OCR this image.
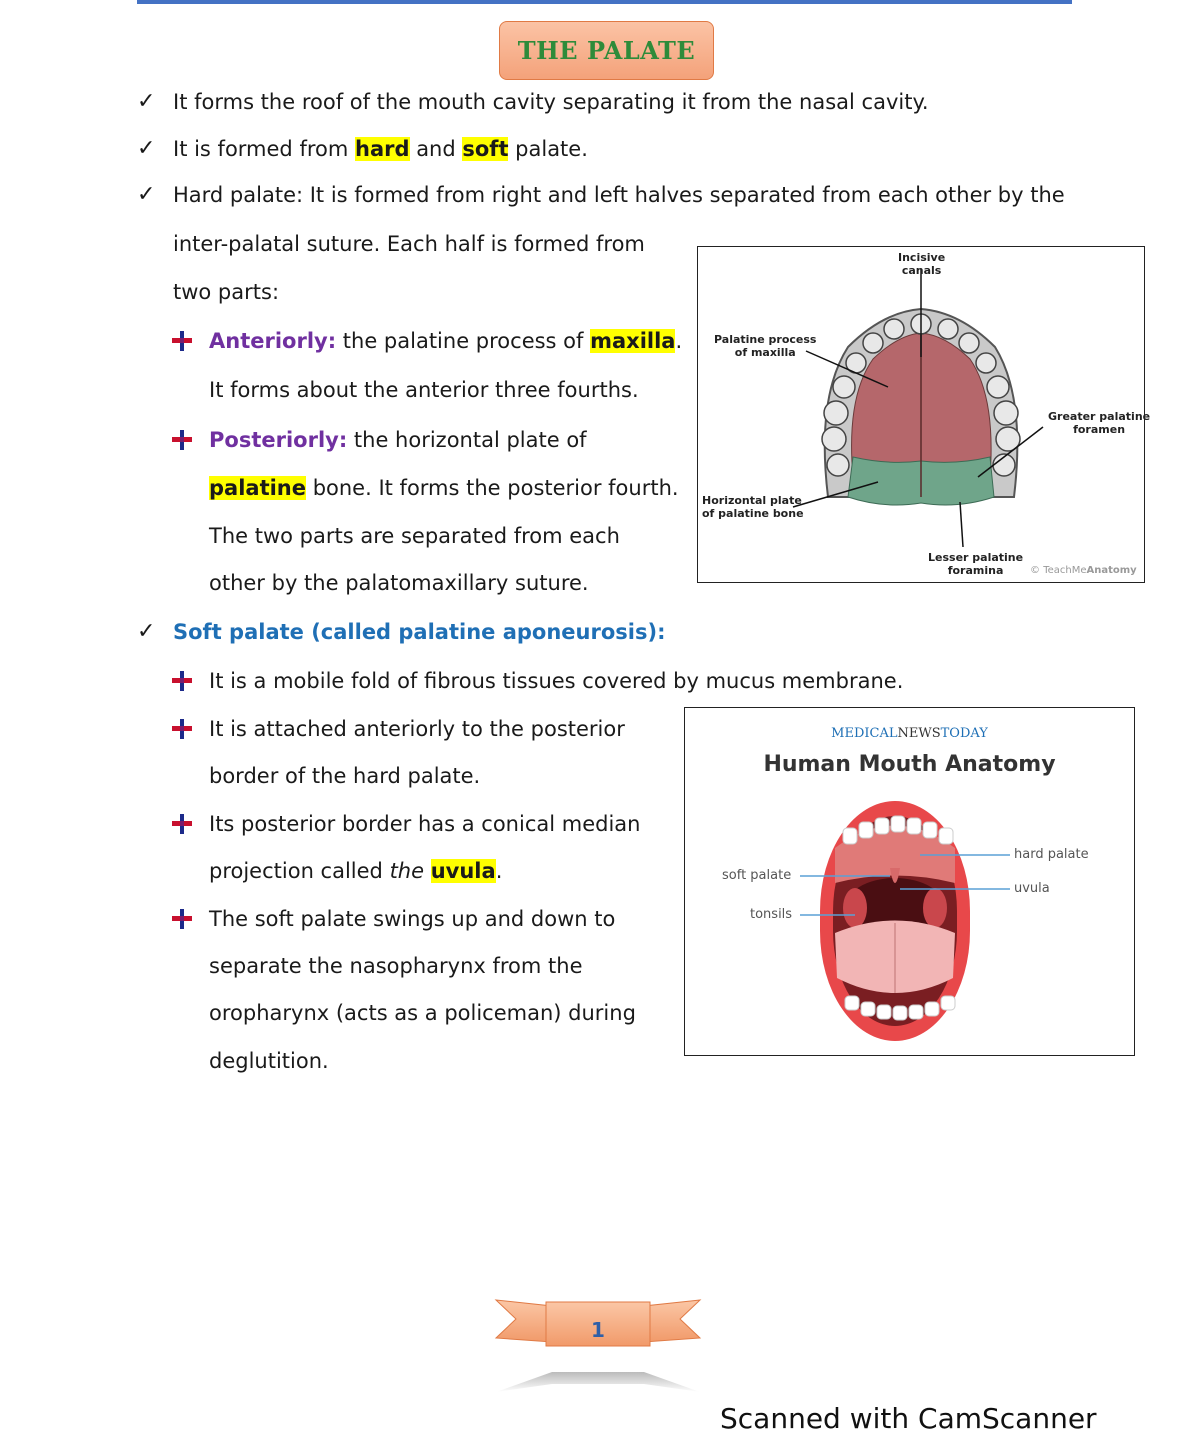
THE PALATE
✓ It forms the roof of the mouth cavity separating it from the nasal cavity.
✓ It is formed from hard and soft palate.
✓ Hard palate: It is formed from right and left halves separated from each other by the
inter-palatal suture. Each half is formed from
two parts:
Anteriorly: the palatine process of maxilla.
It forms about the anterior three fourths.
Posteriorly: the horizontal plate of
palatine bone. It forms the posterior fourth.
The two parts are separated from each
other by the palatomaxillary suture.
✓ Soft palate (called palatine aponeurosis):
It is a mobile fold of fibrous tissues covered by mucus membrane.
It is attached anteriorly to the posterior
border of the hard palate.
Its posterior border has a conical median
projection called the uvula.
The soft palate swings up and down to
separate the nasopharynx from the
oropharynx (acts as a policeman) during
deglutition.
Incisive
canals
Palatine process
of maxilla
Greater palatine
foramen
Horizontal plate
of palatine bone
Lesser palatine
foramina	© TeachMeAnatomy
MEDICALNEWSTODAY
Human Mouth Anatomy
soft palate
tonsils
hard palate
uvula
1
Scanned with CamScanner
